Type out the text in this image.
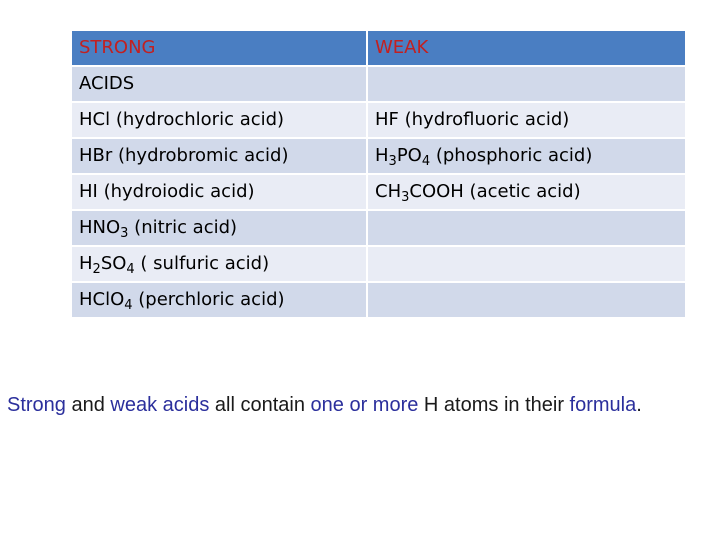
STRONG	WEAK
ACIDS	
HCl (hydrochloric acid)	HF (hydrofluoric acid)
HBr (hydrobromic acid)	$H_3PO_4$ (phosphoric acid)
HI (hydroiodic acid)	$CH_3COOH$ (acetic acid)
$HNO_3$ (nitric acid)	
$H_2SO_4$ ( sulfuric acid)	
HClO$_4$ (perchloric acid)	

Strong and weak acids all contain one or more H atoms in their formula.
